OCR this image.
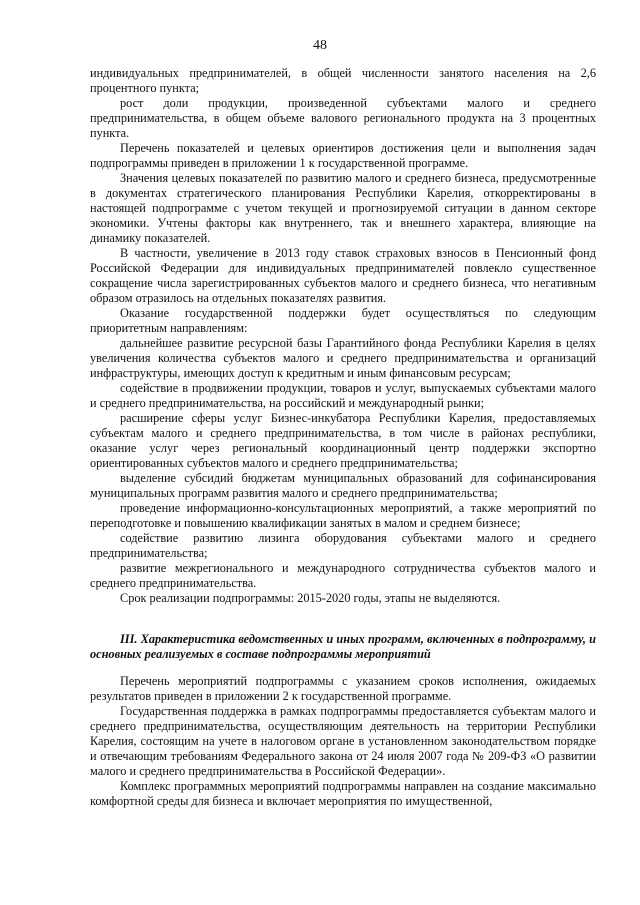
48

индивидуальных предпринимателей, в общей численности занятого населения на 2,6 процентного пункта;

рост доли продукции, произведенной субъектами малого и среднего предпринимательства, в общем объеме валового регионального продукта на 3 процентных пункта.

Перечень показателей и целевых ориентиров достижения цели и выполнения задач подпрограммы приведен в приложении 1 к государственной программе.

Значения целевых показателей по развитию малого и среднего бизнеса, предусмотренные в документах стратегического планирования Республики Карелия, откорректированы в настоящей подпрограмме с учетом текущей и прогнозируемой ситуации в данном секторе экономики. Учтены факторы как внутреннего, так и внешнего характера, влияющие на динамику показателей.

В частности, увеличение в 2013 году ставок страховых взносов в Пенсионный фонд Российской Федерации для индивидуальных предпринимателей повлекло существенное сокращение числа зарегистрированных субъектов малого и среднего бизнеса, что негативным образом отразилось на отдельных показателях развития.

Оказание государственной поддержки будет осуществляться по следующим приоритетным направлениям:

дальнейшее развитие ресурсной базы Гарантийного фонда Республики Карелия в целях увеличения количества субъектов малого и среднего предпринимательства и организаций инфраструктуры, имеющих доступ к кредитным и иным финансовым ресурсам;

содействие в продвижении продукции, товаров и услуг, выпускаемых субъектами малого и среднего предпринимательства, на российский и международный рынки;

расширение сферы услуг Бизнес-инкубатора Республики Карелия, предоставляемых субъектам малого и среднего предпринимательства, в том числе в районах республики, оказание услуг через региональный координационный центр поддержки экспортно ориентированных субъектов малого и среднего предпринимательства;

выделение субсидий бюджетам муниципальных образований для софинансирования муниципальных программ развития малого и среднего предпринимательства;

проведение информационно-консультационных мероприятий, а также мероприятий по переподготовке и повышению квалификации занятых в малом и среднем бизнесе;

содействие развитию лизинга оборудования субъектами малого и среднего предпринимательства;

развитие межрегионального и международного сотрудничества субъектов малого и среднего предпринимательства.

Срок реализации подпрограммы: 2015-2020 годы, этапы не выделяются.

III. Характеристика ведомственных и иных программ, включенных в подпрограмму, и основных реализуемых в составе подпрограммы мероприятий

Перечень мероприятий подпрограммы с указанием сроков исполнения, ожидаемых результатов приведен в приложении 2 к государственной программе.

Государственная поддержка в рамках подпрограммы предоставляется субъектам малого и среднего предпринимательства, осуществляющим деятельность на территории Республики Карелия, состоящим на учете в налоговом органе в установленном законодательством порядке и отвечающим требованиям Федерального закона от 24 июля 2007 года № 209-ФЗ «О развитии малого и среднего предпринимательства в Российской Федерации».

Комплекс программных мероприятий подпрограммы направлен на создание максимально комфортной среды для бизнеса и включает мероприятия по имущественной,
